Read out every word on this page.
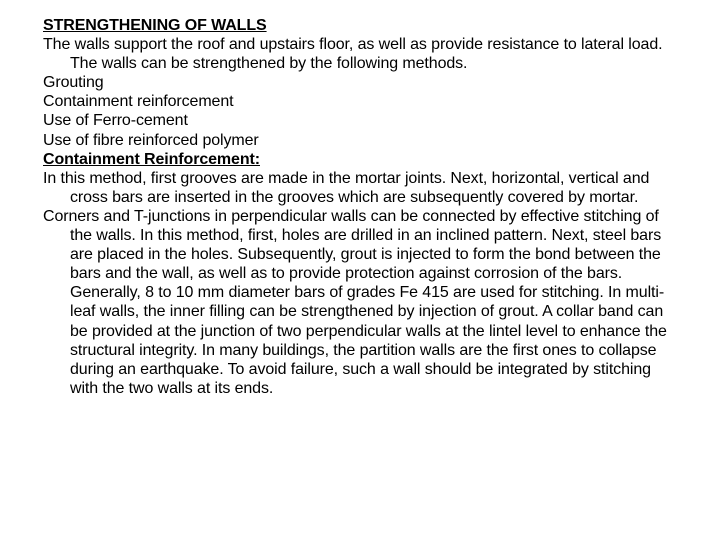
STRENGTHENING OF WALLS

The walls support the roof and upstairs floor, as well as provide resistance to lateral load. The walls can be strengthened by the following methods.

Grouting

Containment reinforcement

Use of Ferro-cement

Use of fibre reinforced polymer

Containment Reinforcement:

In this method, first grooves are made in the mortar joints. Next, horizontal, vertical and cross bars are inserted in the grooves which are subsequently covered by mortar.

Corners and T-junctions in perpendicular walls can be connected by effective stitching of the walls. In this method, first, holes are drilled in an inclined pattern. Next, steel bars are placed in the holes. Subsequently, grout is injected to form the bond between the bars and the wall, as well as to provide protection against corrosion of the bars. Generally, 8 to 10 mm diameter bars of grades Fe 415 are used for stitching. In multi-leaf walls, the inner filling can be strengthened by injection of grout. A collar band can be provided at the junction of two perpendicular walls at the lintel level to enhance the structural integrity. In many buildings, the partition walls are the first ones to collapse during an earthquake. To avoid failure, such a wall should be integrated by stitching with the two walls at its ends.
